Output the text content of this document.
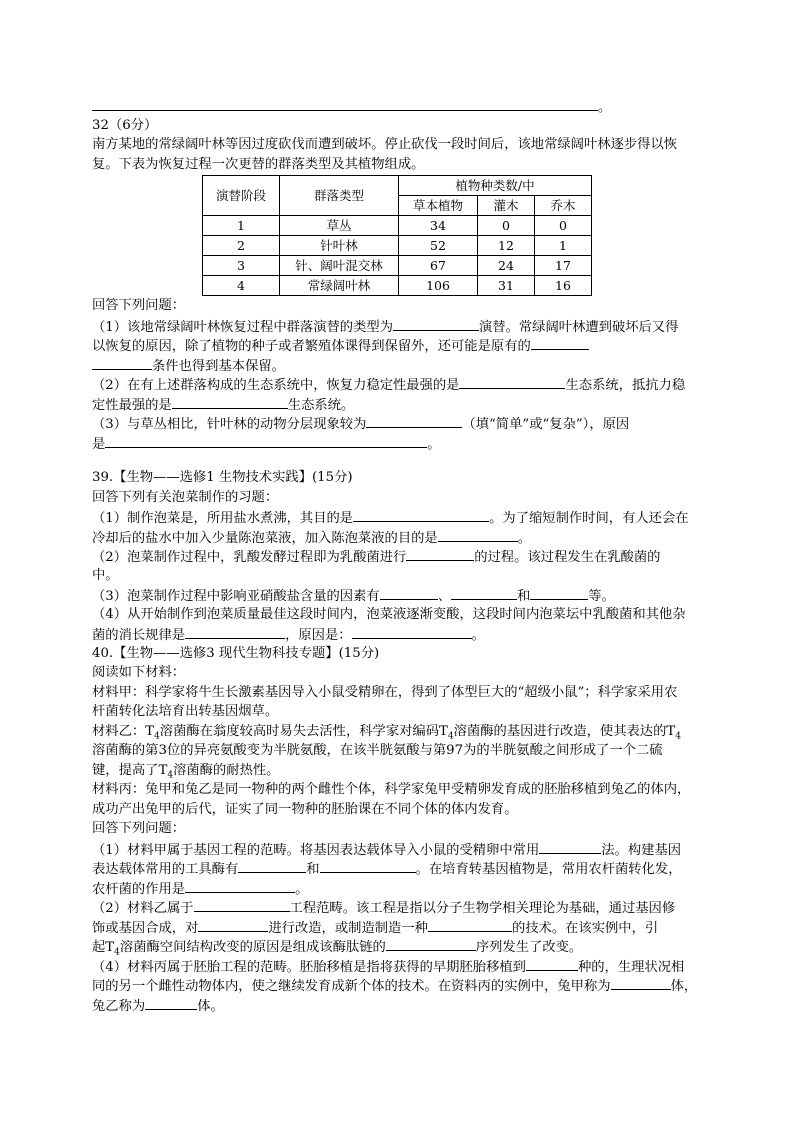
。
32（6分）
南方某地的常绿阔叶林等因过度砍伐而遭到破坏。停止砍伐一段时间后，该地常绿阔叶林逐步得以恢
复。下表为恢复过程一次更替的群落类型及其植物组成。
演替阶段	群落类型	植物种类数/中		
		草本植物	灌木	乔木
1	草丛	34	0	0
2	针叶林	52	12	1
3	针、阔叶混交林	67	24	17
4	常绿阔叶林	106	31	16
回答下列问题：
（1）该地常绿阔叶林恢复过程中群落演替的类型为	演替。常绿阔叶林遭到破坏后又得
以恢复的原因，除了植物的种子或者繁殖体课得到保留外，还可能是原有的
条件也得到基本保留。
（2）在有上述群落构成的生态系统中，恢复力稳定性最强的是	生态系统，抵抗力稳
定性最强的是	生态系统。
（3）与草丛相比，针叶林的动物分层现象较为	（填“简单”或“复杂”），原因
是	。
39.【生物——选修1 生物技术实践】(15分)
回答下列有关泡菜制作的习题：
（1）制作泡菜是，所用盐水煮沸，其目的是	。为了缩短制作时间，有人还会在
冷却后的盐水中加入少量陈泡菜液，加入陈泡菜液的目的是	。
（2）泡菜制作过程中，乳酸发酵过程即为乳酸菌进行	的过程。该过程发生在乳酸菌的
中。
（3）泡菜制作过程中影响亚硝酸盐含量的因素有	、	和	等。
（4）从开始制作到泡菜质量最佳这段时间内，泡菜液逐渐变酸，这段时间内泡菜坛中乳酸菌和其他杂
菌的消长规律是	，原因是：	。
40.【生物——选修3 现代生物科技专题】(15分)
阅读如下材料：
材料甲：科学家将牛生长激素基因导入小鼠受精卵在，得到了体型巨大的“超级小鼠”；科学家采用农
杆菌转化法培育出转基因烟草。
材料乙：$T_4$溶菌酶在翁度较高时易失去活性，科学家对编码$T_4$溶菌酶的基因进行改造，使其表达的$T_4$
溶菌酶的第3位的异亮氨酸变为半胱氨酸，在该半胱氨酸与第97为的半胱氨酸之间形成了一个二硫
键，提高了$T_4$溶菌酶的耐热性。
材料丙：兔甲和兔乙是同一物种的两个雌性个体，科学家兔甲受精卵发育成的胚胎移植到兔乙的体内，
成功产出兔甲的后代，证实了同一物种的胚胎课在不同个体的体内发育。
回答下列问题：
（1）材料甲属于基因工程的范畴。将基因表达载体导入小鼠的受精卵中常用	法。构建基因
表达载体常用的工具酶有	和	。在培育转基因植物是，常用农杆菌转化发，
农杆菌的作用是	。
（2）材料乙属于	工程范畴。该工程是指以分子生物学相关理论为基础，通过基因修
饰或基因合成，对	进行改造，或制造制造一种	的技术。在该实例中，引
起$T_4$溶菌酶空间结构改变的原因是组成该酶肽链的	序列发生了改变。
（4）材料丙属于胚胎工程的范畴。胚胎移植是指将获得的早期胚胎移植到	种的，生理状况相
同的另一个雌性动物体内，使之继续发育成新个体的技术。在资料丙的实例中，兔甲称为	体，
兔乙称为	体。
